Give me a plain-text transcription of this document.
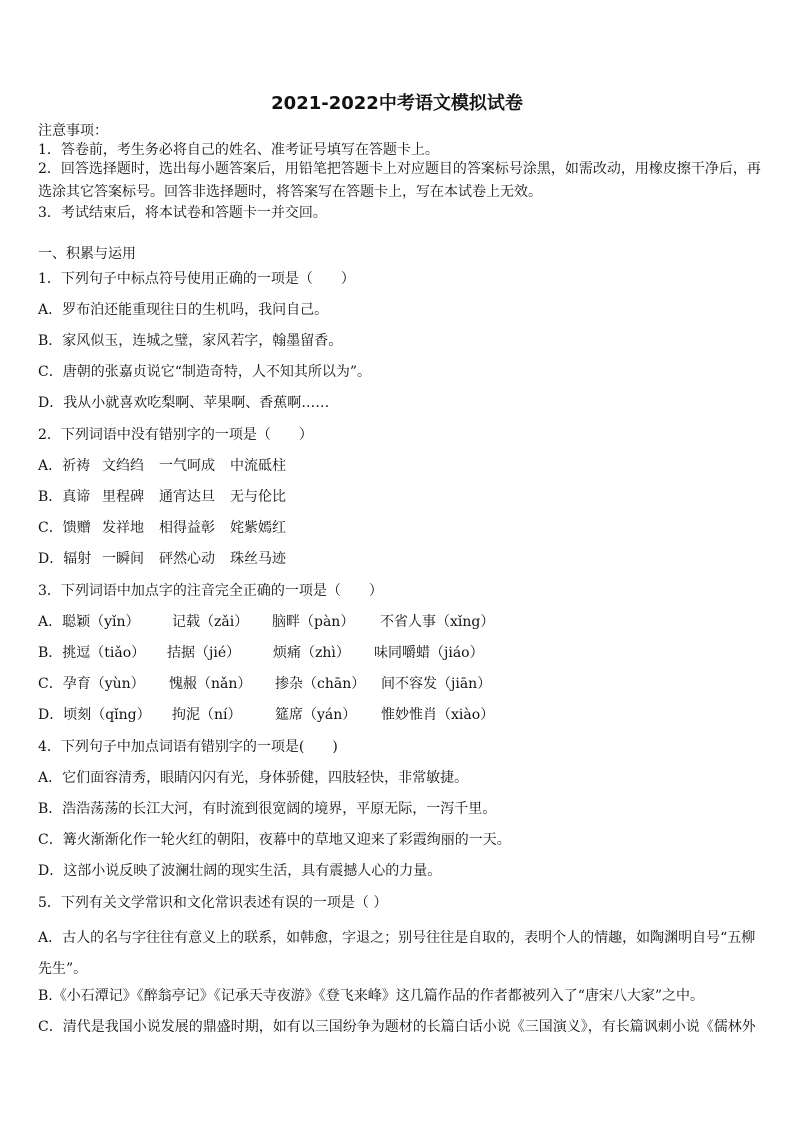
2021-2022中考语文模拟试卷
注意事项：
1．答卷前，考生务必将自己的姓名、准考证号填写在答题卡上。
2．回答选择题时，选出每小题答案后，用铅笔把答题卡上对应题目的答案标号涂黑，如需改动，用橡皮擦干净后，再选涂其它答案标号。回答非选择题时，将答案写在答题卡上，写在本试卷上无效。
3．考试结束后，将本试卷和答题卡一并交回。
一、积累与运用
1．下列句子中标点符号使用正确的一项是（　　）
A．罗布泊还能重现往日的生机吗，我问自己。
B．家风似玉，连城之璧，家风若字，翰墨留香。
C．唐朝的张嘉贞说它“制造奇特，人不知其所以为”。
D．我从小就喜欢吃梨啊、苹果啊、香蕉啊……
2．下列词语中没有错别字的一项是（　　）
A．祈祷 文绉绉	一气呵成	中流砥柱
B．真谛 里程碑	通宵达旦	无与伦比
C．馈赠 发祥地	相得益彰	姹紫嫣红
D．辐射 一瞬间	砰然心动	珠丝马迹
3．下列词语中加点字的注音完全正确的一项是（　　）
A．聪颖（yǐn）	记载（zǎi）	脑畔（pàn）	不省人事（xǐng）
B．挑逗（tiǎo）	拮据（jié）	烦痛（zhì）	味同嚼蜡（jiáo）
C．孕育（yùn）	愧赧（nǎn）	掺杂（chān）	间不容发（jiān）
D．顷刻（qǐng）	拘泥（ní）	筵席（yán）	惟妙惟肖（xiào）
4．下列句子中加点词语有错别字的一项是(　　)
A．它们面容清秀，眼睛闪闪有光，身体骄健，四肢轻快，非常敏捷。
B．浩浩荡荡的长江大河，有时流到很宽阔的境界，平原无际，一泻千里。
C．篝火渐渐化作一轮火红的朝阳，夜幕中的草地又迎来了彩霞绚丽的一天。
D．这部小说反映了波澜壮阔的现实生活，具有震撼人心的力量。
5．下列有关文学常识和文化常识表述有误的一项是（ ）
A．古人的名与字往往有意义上的联系，如韩愈，字退之；别号往往是自取的，表明个人的情趣，如陶渊明自号“五柳先生”。
B.《小石潭记》《醉翁亭记》《记承天寺夜游》《登飞来峰》这几篇作品的作者都被列入了“唐宋八大家”之中。
C．清代是我国小说发展的鼎盛时期，如有以三国纷争为题材的长篇白话小说《三国演义》，有长篇讽刺小说《儒林外
